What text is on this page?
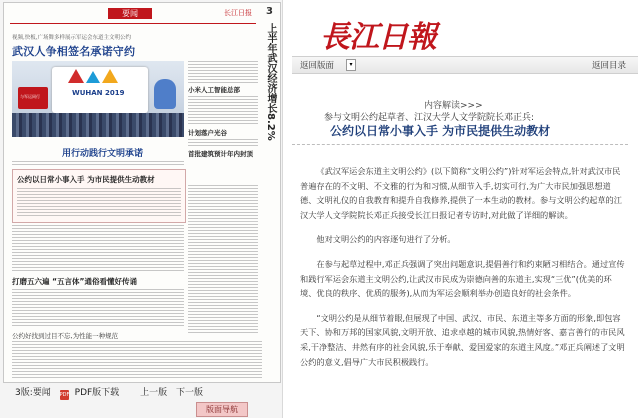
要闻	长江日报 3
视频,快板,广场舞多样展示军运会东道主文明公约
武汉人争相签名承诺守约	上半年武汉经济增长8.2%
WUHAN 2019
与军运同行
小米人工智能总部
计划落户光谷
首批建筑预计年内封顶
用行动践行文明承诺
公约以日常小事入手 为市民提供生动教材
打磨五六遍 “五言体”通俗看懂好传诵
公约好找到过目不忘,为性能一种规范
3版:要闻 PDF PDF版下载 上一版 下一版
版面导航
長江日報
返回版面	▾	返回目录
内容解读>>>
参与文明公约起草者、江汉大学人文学院院长邓正兵:
公约以日常小事入手 为市民提供生动教材

《武汉军运会东道主文明公约》(以下简称“文明公约”)针对军运会特点,针对武汉市民普遍存在的不文明、不文雅的行为和习惯,从细节入手,切实可行,为广大市民加强思想道德、文明礼仪的自我教育和提升自我修养,提供了一本生动的教材。参与文明公约起草的江汉大学人文学院院长邓正兵接受长江日报记者专访时,对此做了详细的解读。

他对文明公约的内容逐句进行了分析。

在参与起草过程中,邓正兵强调了突出问题意识,提倡善行和约束陋习相结合。通过宣传和践行军运会东道主文明公约,让武汉市民成为崇德向善的东道主,实现“三优”(优美的环境、优良的秩序、优质的服务),从而为军运会顺利举办创造良好的社会条件。

“文明公约是从细节着眼,但展现了中国、武汉、市民、东道主等多方面的形象,即包容天下、协和万邦的国家风貌,文明开放、追求卓越的城市风貌,热情好客、嘉言善行的市民风采,干净整洁、井然有序的社会风貌,乐于奉献、爱国爱家的东道主风度。”邓正兵阐述了文明公约的意义,倡导广大市民积极践行。
